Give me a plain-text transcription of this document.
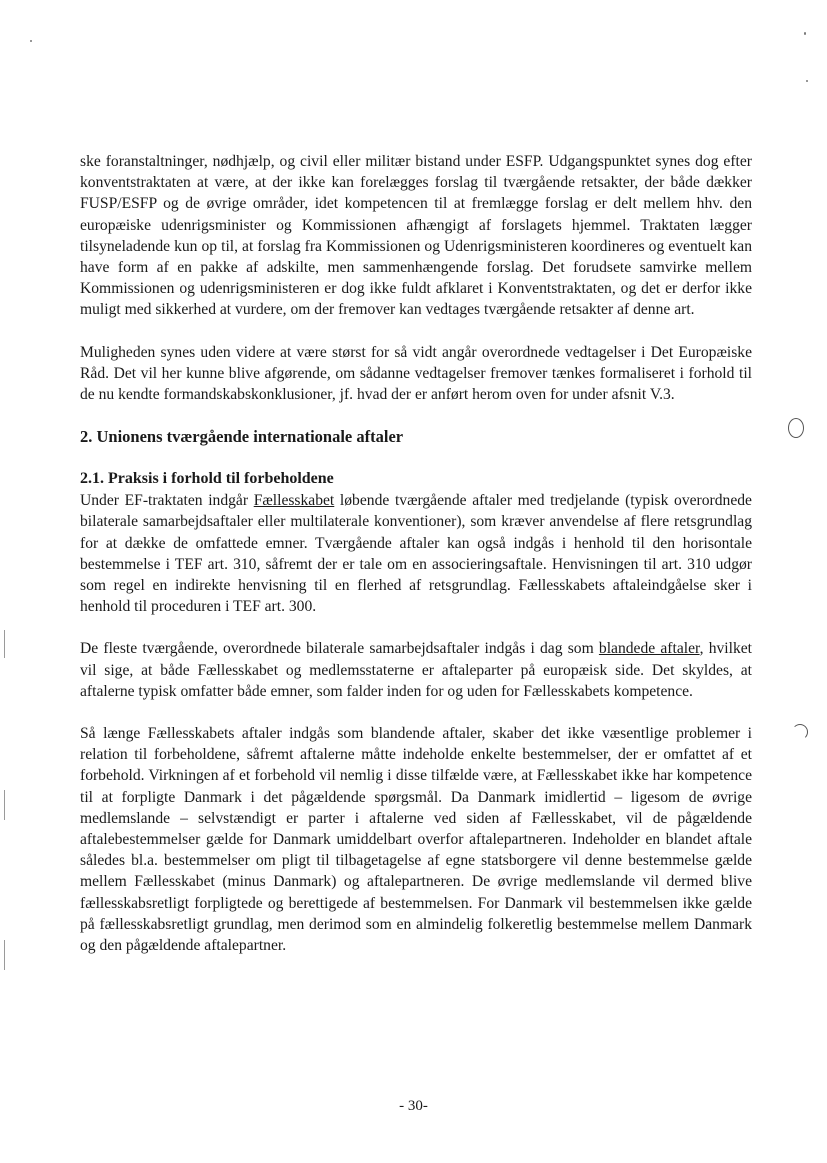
ske foranstaltninger, nødhjælp, og civil eller militær bistand under ESFP. Udgangspunktet synes dog efter konventstraktaten at være, at der ikke kan forelægges forslag til tværgående retsakter, der både dækker FUSP/ESFP og de øvrige områder, idet kompetencen til at fremlægge forslag er delt mellem hhv. den europæiske udenrigsminister og Kommissionen afhængigt af forslagets hjemmel. Traktaten lægger tilsyneladende kun op til, at forslag fra Kommissionen og Udenrigsministeren koordineres og eventuelt kan have form af en pakke af adskilte, men sammenhængende forslag. Det forudsete samvirke mellem Kommissionen og udenrigsministeren er dog ikke fuldt afklaret i Konventstraktaten, og det er derfor ikke muligt med sikkerhed at vurdere, om der fremover kan vedtages tværgående retsakter af denne art.

Muligheden synes uden videre at være størst for så vidt angår overordnede vedtagelser i Det Europæiske Råd. Det vil her kunne blive afgørende, om sådanne vedtagelser fremover tænkes formaliseret i forhold til de nu kendte formandskabskonklusioner, jf. hvad der er anført herom oven for under afsnit V.3.

2. Unionens tværgående internationale aftaler
2.1. Praksis i forhold til forbeholdene

Under EF-traktaten indgår Fællesskabet løbende tværgående aftaler med tredjelande (typisk overordnede bilaterale samarbejdsaftaler eller multilaterale konventioner), som kræver anvendelse af flere retsgrundlag for at dække de omfattede emner. Tværgående aftaler kan også indgås i henhold til den horisontale bestemmelse i TEF art. 310, såfremt der er tale om en associeringsaftale. Henvisningen til art. 310 udgør som regel en indirekte henvisning til en flerhed af retsgrundlag. Fællesskabets aftaleindgåelse sker i henhold til proceduren i TEF art. 300.

De fleste tværgående, overordnede bilaterale samarbejdsaftaler indgås i dag som blandede aftaler, hvilket vil sige, at både Fællesskabet og medlemsstaterne er aftaleparter på europæisk side. Det skyldes, at aftalerne typisk omfatter både emner, som falder inden for og uden for Fællesskabets kompetence.

Så længe Fællesskabets aftaler indgås som blandende aftaler, skaber det ikke væsentlige problemer i relation til forbeholdene, såfremt aftalerne måtte indeholde enkelte bestemmelser, der er omfattet af et forbehold. Virkningen af et forbehold vil nemlig i disse tilfælde være, at Fællesskabet ikke har kompetence til at forpligte Danmark i det pågældende spørgsmål. Da Danmark imidlertid – ligesom de øvrige medlemslande – selvstændigt er parter i aftalerne ved siden af Fællesskabet, vil de pågældende aftalebestemmelser gælde for Danmark umiddelbart overfor aftalepartneren. Indeholder en blandet aftale således bl.a. bestemmelser om pligt til tilbagetagelse af egne statsborgere vil denne bestemmelse gælde mellem Fællesskabet (minus Danmark) og aftalepartneren. De øvrige medlemslande vil dermed blive fællesskabsretligt forpligtede og berettigede af bestemmelsen. For Danmark vil bestemmelsen ikke gælde på fællesskabsretligt grundlag, men derimod som en almindelig folkeretlig bestemmelse mellem Danmark og den pågældende aftalepartner.

- 30-
